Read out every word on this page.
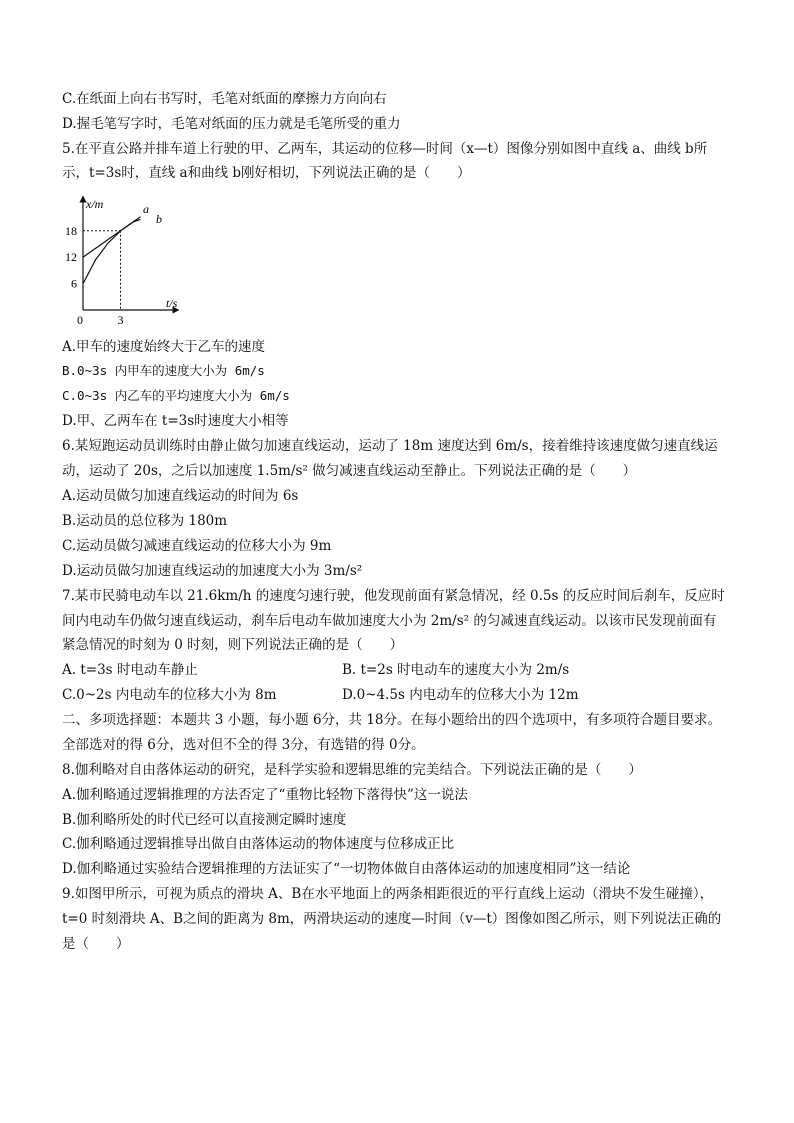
C.在纸面上向右书写时，毛笔对纸面的摩擦力方向向右
D.握毛笔写字时，毛笔对纸面的压力就是毛笔所受的重力
5.在平直公路并排车道上行驶的甲、乙两车，其运动的位移—时间（x—t）图像分别如图中直线 a、曲线 b所
示，t=3s时，直线 a和曲线 b刚好相切，下列说法正确的是（　　）
x/m
t/s
0
6
12
18
3
a
b
A.甲车的速度始终大于乙车的速度
B.0~3s 内甲车的速度大小为 6m/s
C.0~3s 内乙车的平均速度大小为 6m/s
D.甲、乙两车在 t=3s时速度大小相等
6.某短跑运动员训练时由静止做匀加速直线运动，运动了 18m 速度达到 6m/s，接着维持该速度做匀速直线运
动，运动了 20s，之后以加速度 1.5m/s² 做匀减速直线运动至静止。下列说法正确的是（　　）
A.运动员做匀加速直线运动的时间为 6s
B.运动员的总位移为 180m
C.运动员做匀减速直线运动的位移大小为 9m
D.运动员做匀加速直线运动的加速度大小为 3m/s²
7.某市民骑电动车以 21.6km/h 的速度匀速行驶，他发现前面有紧急情况，经 0.5s 的反应时间后刹车，反应时
间内电动车仍做匀速直线运动，刹车后电动车做加速度大小为 2m/s² 的匀减速直线运动。以该市民发现前面有
紧急情况的时刻为 0 时刻，则下列说法正确的是（　　）
A. t=3s 时电动车静止	B. t=2s 时电动车的速度大小为 2m/s
C.0~2s 内电动车的位移大小为 8m	D.0~4.5s 内电动车的位移大小为 12m
二、多项选择题：本题共 3 小题，每小题 6分，共 18分。在每小题给出的四个选项中，有多项符合题目要求。
全部选对的得 6分，选对但不全的得 3分，有选错的得 0分。
8.伽利略对自由落体运动的研究，是科学实验和逻辑思维的完美结合。下列说法正确的是（　　）
A.伽利略通过逻辑推理的方法否定了“重物比轻物下落得快”这一说法
B.伽利略所处的时代已经可以直接测定瞬时速度
C.伽利略通过逻辑推导出做自由落体运动的物体速度与位移成正比
D.伽利略通过实验结合逻辑推理的方法证实了“一切物体做自由落体运动的加速度相同”这一结论
9.如图甲所示，可视为质点的滑块 A、B在水平地面上的两条相距很近的平行直线上运动（滑块不发生碰撞），
t=0 时刻滑块 A、B之间的距离为 8m，两滑块运动的速度—时间（v—t）图像如图乙所示，则下列说法正确的
是（　　）
